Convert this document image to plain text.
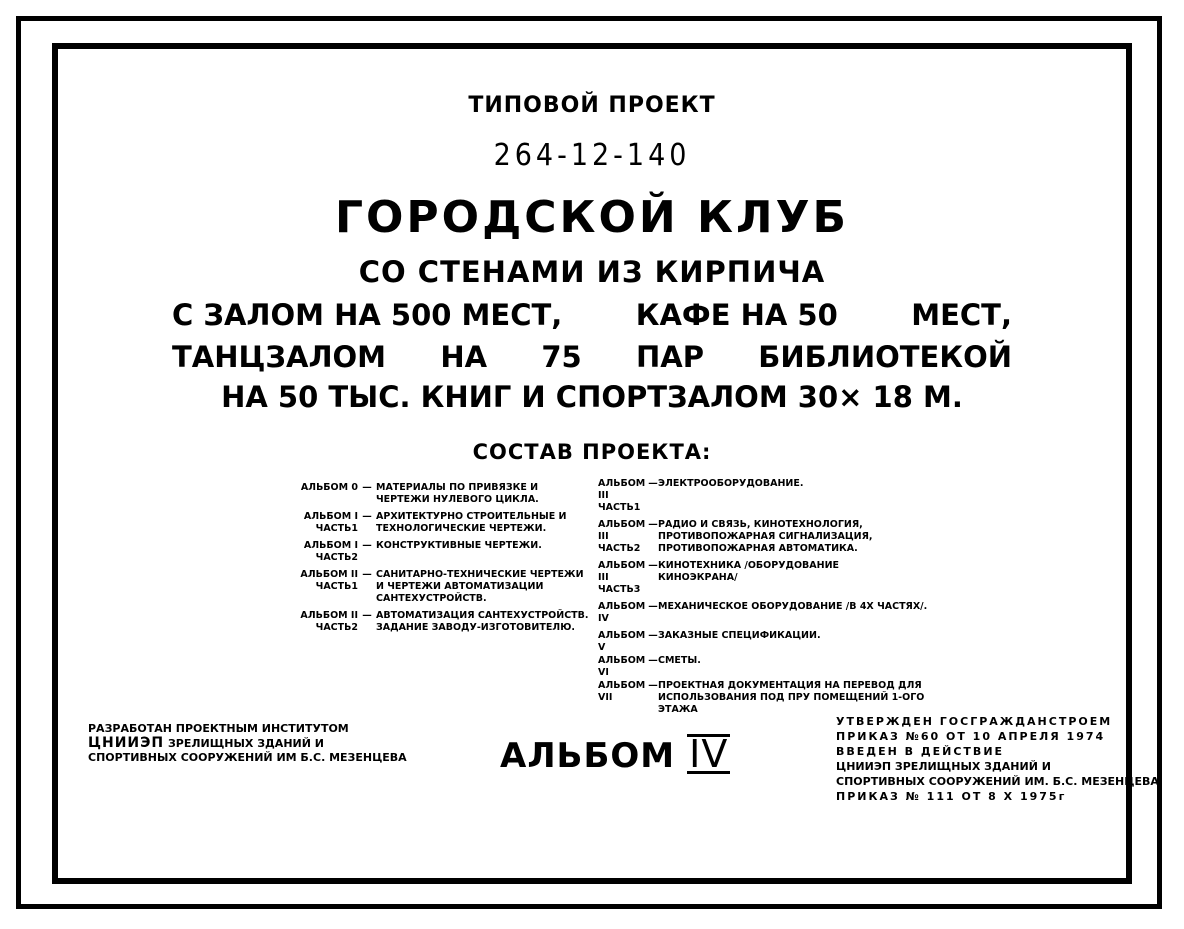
ТИПОВОЙ ПРОЕКТ
264-12-140
ГОРОДСКОЙ КЛУБ
СО СТЕНАМИ ИЗ КИРПИЧА
С ЗАЛОМ НА 500 МЕСТ,	КАФЕ НА 50	МЕСТ,
ТАНЦЗАЛОМ НА 75 ПАР БИБЛИОТЕКОЙ
НА 50 ТЫС. КНИГ И СПОРТЗАЛОМ 30× 18 М.
СОСТАВ ПРОЕКТА:
АЛЬБОМ 0 — МАТЕРИАЛЫ ПО ПРИВЯЗКЕ И
ЧЕРТЕЖИ НУЛЕВОГО ЦИКЛА.
АЛЬБОМ I
ЧАСТЬ1
— АРХИТЕКТУРНО СТРОИТЕЛЬНЫЕ И
ТЕХНОЛОГИЧЕСКИЕ ЧЕРТЕЖИ.
АЛЬБОМ I
ЧАСТЬ2
— КОНСТРУКТИВНЫЕ ЧЕРТЕЖИ.
АЛЬБОМ II
ЧАСТЬ1
— САНИТАРНО-ТЕХНИЧЕСКИЕ ЧЕРТЕЖИ
И ЧЕРТЕЖИ АВТОМАТИЗАЦИИ
САНТЕХУСТРОЙСТВ.
АЛЬБОМ II
ЧАСТЬ2
— АВТОМАТИЗАЦИЯ САНТЕХУСТРОЙСТВ.
ЗАДАНИЕ ЗАВОДУ-ИЗГОТОВИТЕЛЮ.
АЛЬБОМ III
ЧАСТЬ1
— ЭЛЕКТРООБОРУДОВАНИЕ.
АЛЬБОМ III
ЧАСТЬ2
— РАДИО И СВЯЗЬ, КИНОТЕХНОЛОГИЯ,
ПРОТИВОПОЖАРНАЯ СИГНАЛИЗАЦИЯ,
ПРОТИВОПОЖАРНАЯ АВТОМАТИКА.
АЛЬБОМ III
ЧАСТЬ3
— КИНОТЕХНИКА /ОБОРУДОВАНИЕ
КИНОЭКРАНА/
АЛЬБОМ IV
— МЕХАНИЧЕСКОЕ ОБОРУДОВАНИЕ /В 4Х ЧАСТЯХ/.
АЛЬБОМ V
— ЗАКАЗНЫЕ СПЕЦИФИКАЦИИ.
АЛЬБОМ VI
— СМЕТЫ.
АЛЬБОМ VII
— ПРОЕКТНАЯ ДОКУМЕНТАЦИЯ НА ПЕРЕВОД ДЛЯ
ИСПОЛЬЗОВАНИЯ ПОД ПРУ ПОМЕЩЕНИЙ 1-ОГО ЭТАЖА
РАЗРАБОТАН ПРОЕКТНЫМ ИНСТИТУТОМ
ЦНИИЭП ЗРЕЛИЩНЫХ ЗДАНИЙ И
СПОРТИВНЫХ СООРУЖЕНИЙ ИМ Б.С. МЕЗЕНЦЕВА	АЛЬБОМ IV
УТВЕРЖДЕН ГОСГРАЖДАНСТРОЕМ
ПРИКАЗ №60 ОТ 10 АПРЕЛЯ 1974
ВВЕДЕН В ДЕЙСТВИЕ
ЦНИИЭП ЗРЕЛИЩНЫХ ЗДАНИЙ И
СПОРТИВНЫХ СООРУЖЕНИЙ ИМ. Б.С. МЕЗЕНЦЕВА
ПРИКАЗ № 111 ОТ 8 X 1975г
